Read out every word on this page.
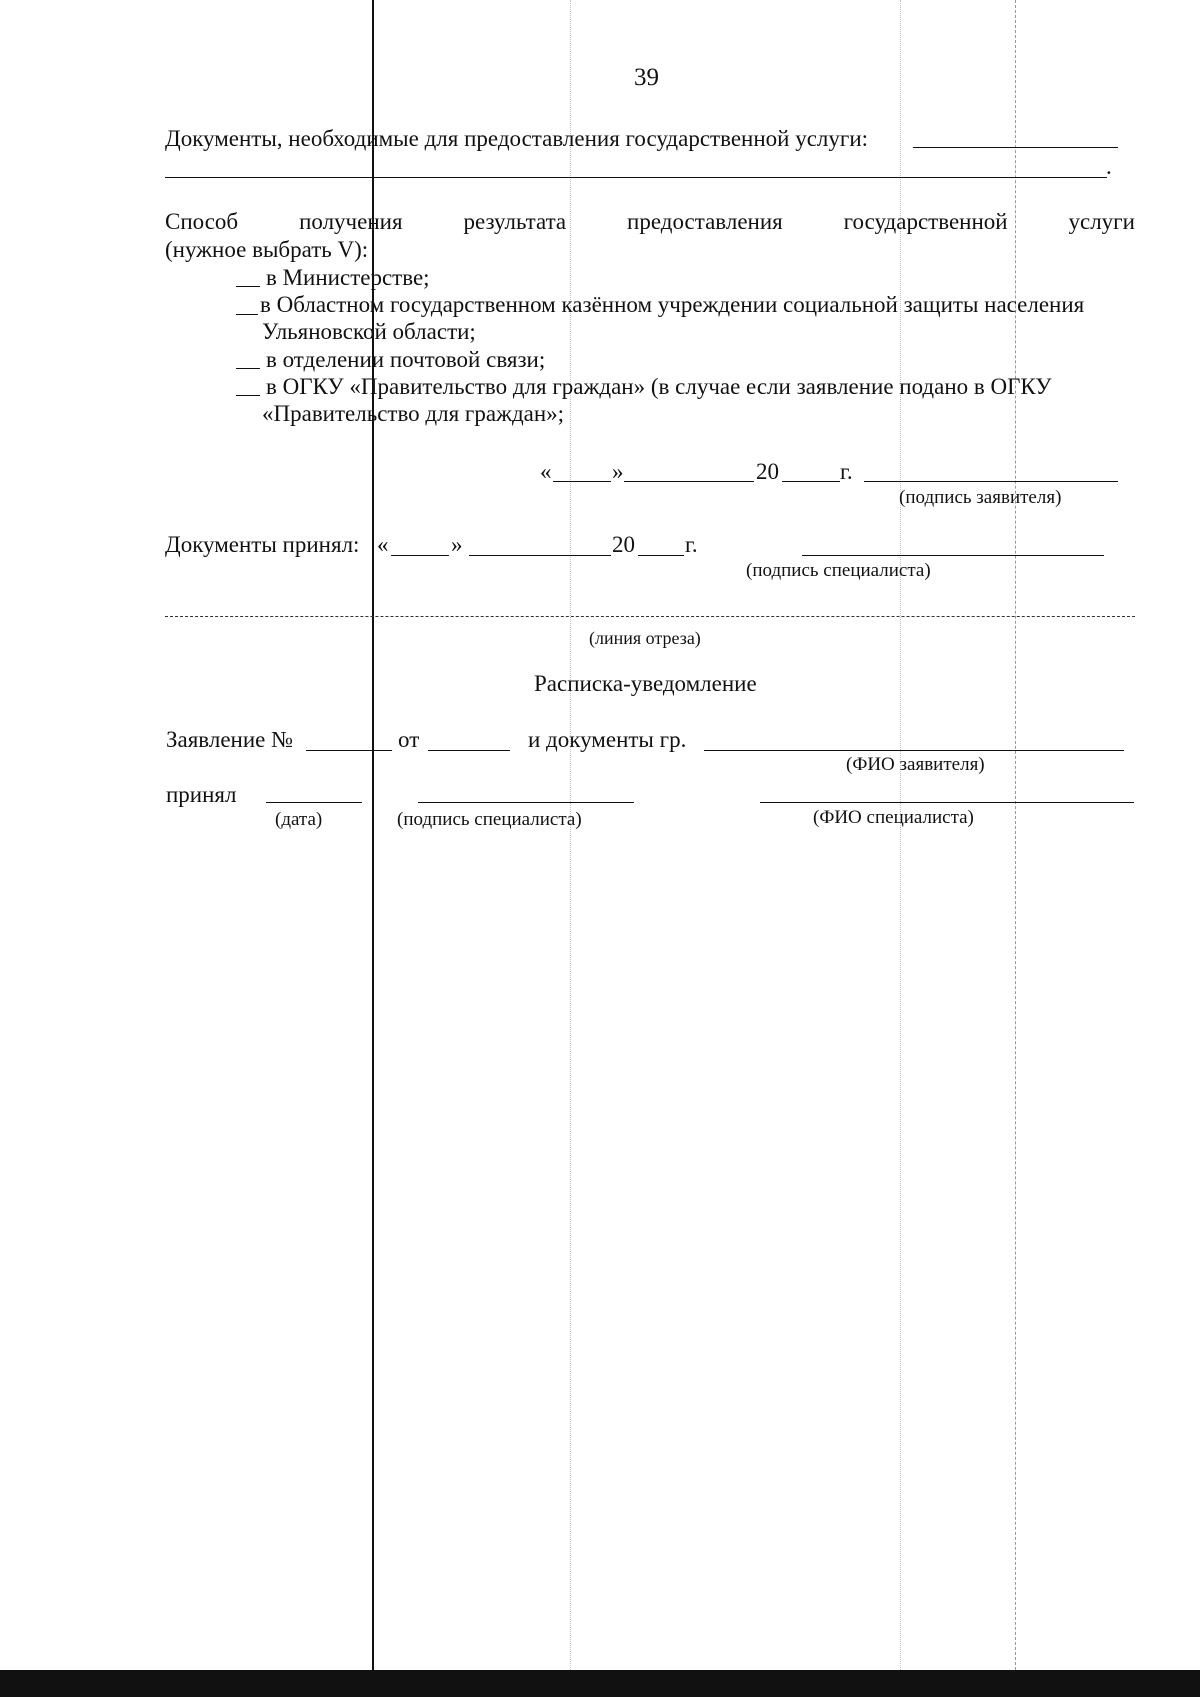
39
Документы, необходимые для предоставления государственной услуги:
.
Способ	получения	результата	предоставления	государственной	услуги
(нужное выбрать V):
в Министерстве;
в Областном государственном казённом учреждении социальной защиты населения
Ульяновской области;
в отделении почтовой связи;
в ОГКУ «Правительство для граждан» (в случае если заявление подано в ОГКУ
«Правительство для граждан»;
«	»	20	г.
(подпись заявителя)
Документы принял: «	»	20 г.
(подпись специалиста)
(линия отреза)
Расписка-уведомление
Заявление №	от	и документы гр.
(ФИО заявителя)
принял
(дата)	(подпись специалиста)	(ФИО специалиста)
